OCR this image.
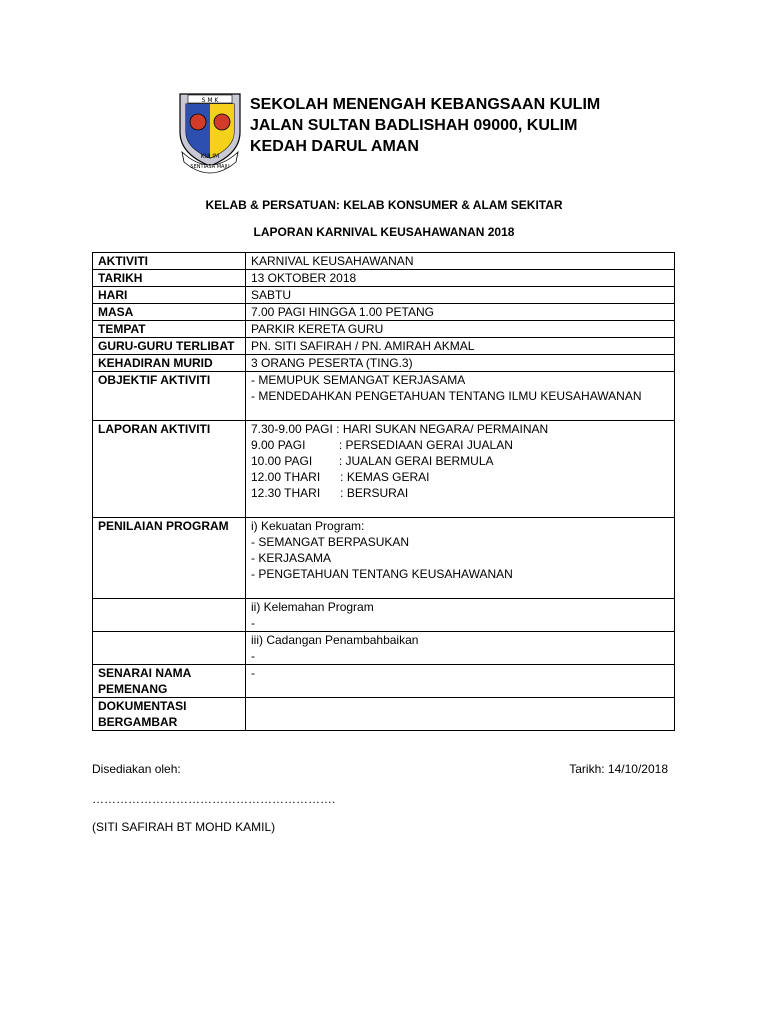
S M K
KULIM
SENTIASA MAJU
SEKOLAH MENENGAH KEBANGSAAN KULIM
JALAN SULTAN BADLISHAH 09000, KULIM
KEDAH DARUL AMAN
KELAB & PERSATUAN: KELAB KONSUMER & ALAM SEKITAR
LAPORAN KARNIVAL KEUSAHAWANAN 2018
AKTIVITI	KARNIVAL KEUSAHAWANAN
TARIKH	13 OKTOBER 2018
HARI	SABTU
MASA	7.00 PAGI HINGGA 1.00 PETANG
TEMPAT	PARKIR KERETA GURU
GURU-GURU TERLIBAT	PN. SITI SAFIRAH / PN. AMIRAH AKMAL
KEHADIRAN MURID	3 ORANG PESERTA (TING.3)
OBJEKTIF AKTIVITI	- MEMUPUK SEMANGAT KERJASAMA
- MENDEDAHKAN PENGETAHUAN TENTANG ILMU KEUSAHAWANAN

LAPORAN AKTIVITI	7.30-9.00 PAGI : HARI SUKAN NEGARA/ PERMAINAN
9.00 PAGI          : PERSEDIAAN GERAI JUALAN
10.00 PAGI        : JUALAN GERAI BERMULA
12.00 THARI      : KEMAS GERAI
12.30 THARI      : BERSURAI

PENILAIAN PROGRAM	i) Kekuatan Program:
- SEMANGAT BERPASUKAN
- KERJASAMA
- PENGETAHUAN TENTANG KEUSAHAWANAN

	ii) Kelemahan Program
-

	iii) Cadangan Penambahbaikan
-

SENARAI NAMA
PEMENANG	-

DOKUMENTASI
BERGAMBAR	

Disediakan oleh:	Tarikh: 14/10/2018
…………………………………………………….
(SITI SAFIRAH BT MOHD KAMIL)
